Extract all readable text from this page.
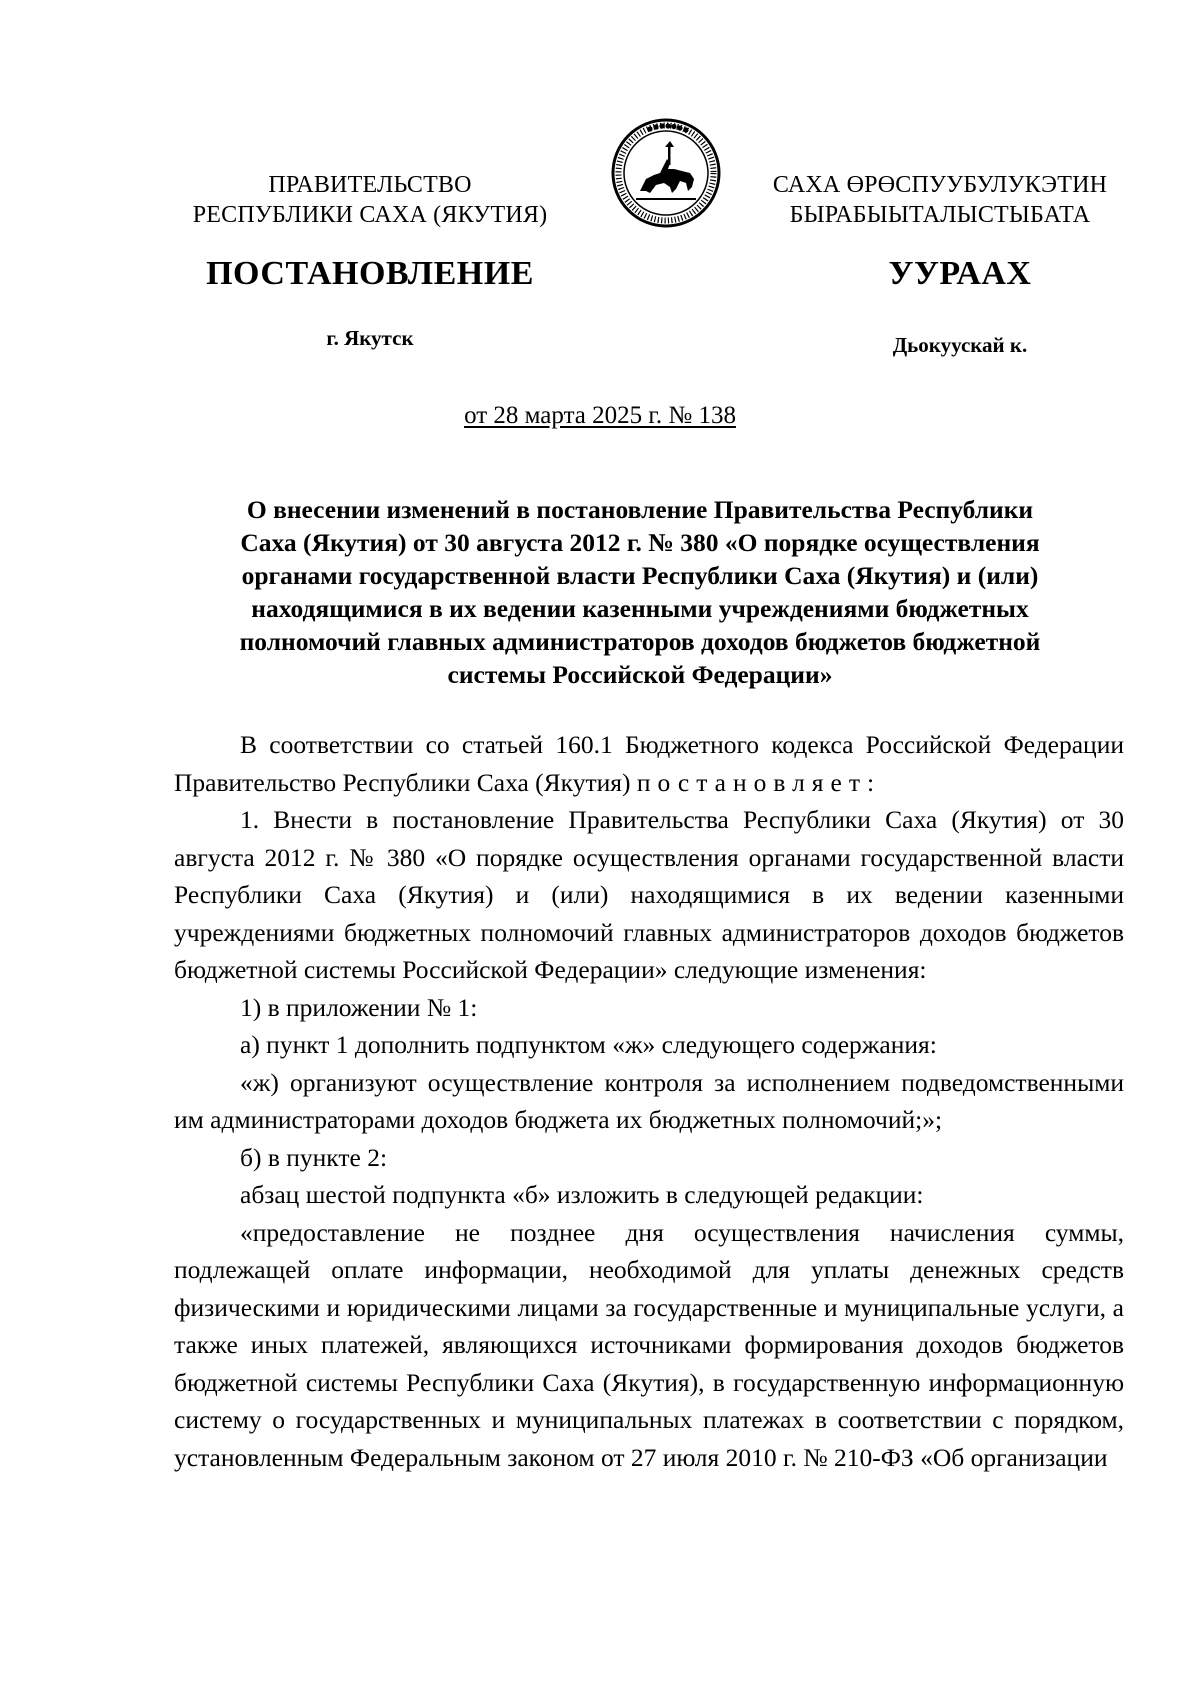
ПРАВИТЕЛЬСТВО
РЕСПУБЛИКИ САХА (ЯКУТИЯ)
САХА ӨРӨСПУУБУЛУКЭТИН
БЫРАБЫЫТАЛЫСТЫБАТА
ПОСТАНОВЛЕНИЕ	УУРААХ
г. Якутск	Дьокуускай к.
от 28 марта 2025 г. № 138
О внесении изменений в постановление Правительства Республики
Саха (Якутия) от 30 августа 2012 г. № 380 «О порядке осуществления
органами государственной власти Республики Саха (Якутия) и (или)
находящимися в их ведении казенными учреждениями бюджетных
полномочий главных администраторов доходов бюджетов бюджетной
системы Российской Федерации»

В соответствии со статьей 160.1 Бюджетного кодекса Российской Федерации Правительство Республики Саха (Якутия) постановляет:

1. Внести в постановление Правительства Республики Саха (Якутия) от 30 августа 2012 г. № 380 «О порядке осуществления органами государственной власти Республики Саха (Якутия) и (или) находящимися в их ведении казенными учреждениями бюджетных полномочий главных администраторов доходов бюджетов бюджетной системы Российской Федерации» следующие изменения:

1) в приложении № 1:

а) пункт 1 дополнить подпунктом «ж» следующего содержания:

«ж) организуют осуществление контроля за исполнением подведомственными им администраторами доходов бюджета их бюджетных полномочий;»;

б) в пункте 2:

абзац шестой подпункта «б» изложить в следующей редакции:

«предоставление не позднее дня осуществления начисления суммы, подлежащей оплате информации, необходимой для уплаты денежных средств физическими и юридическими лицами за государственные и муниципальные услуги, а также иных платежей, являющихся источниками формирования доходов бюджетов бюджетной системы Республики Саха (Якутия), в государственную информационную систему о государственных и муниципальных платежах в соответствии с порядком, установленным Федеральным законом от 27 июля 2010 г. № 210-ФЗ «Об организации
